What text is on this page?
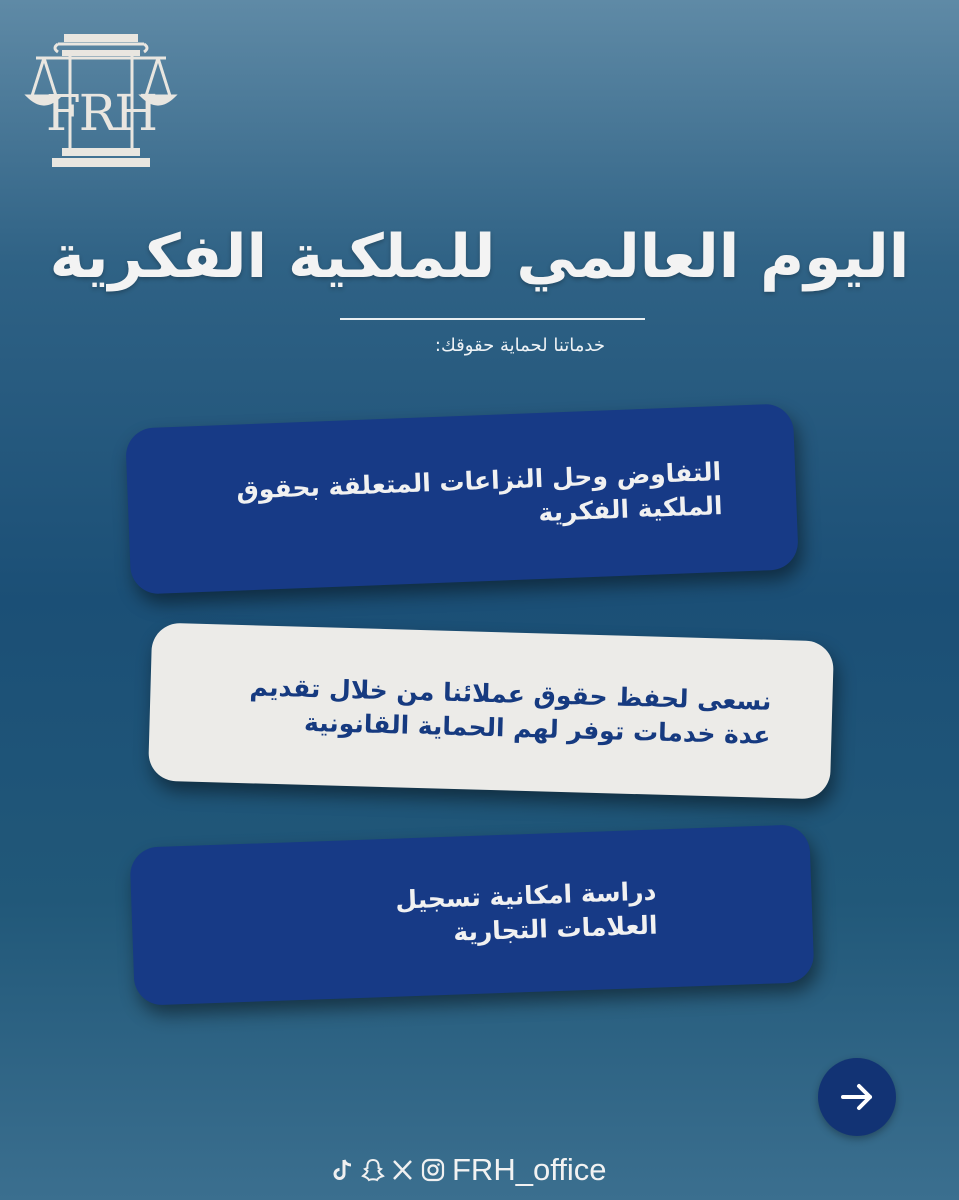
FRH
اليوم العالمي للملكية الفكرية
خدماتنا لحماية حقوقك:
التفاوض وحل النزاعات المتعلقة بحقوق الملكية الفكرية
نسعى لحفظ حقوق عملائنا من خلال تقديم عدة خدمات توفر لهم الحماية القانونية
دراسة امكانية تسجيل العلامات التجارية
FRH_office
